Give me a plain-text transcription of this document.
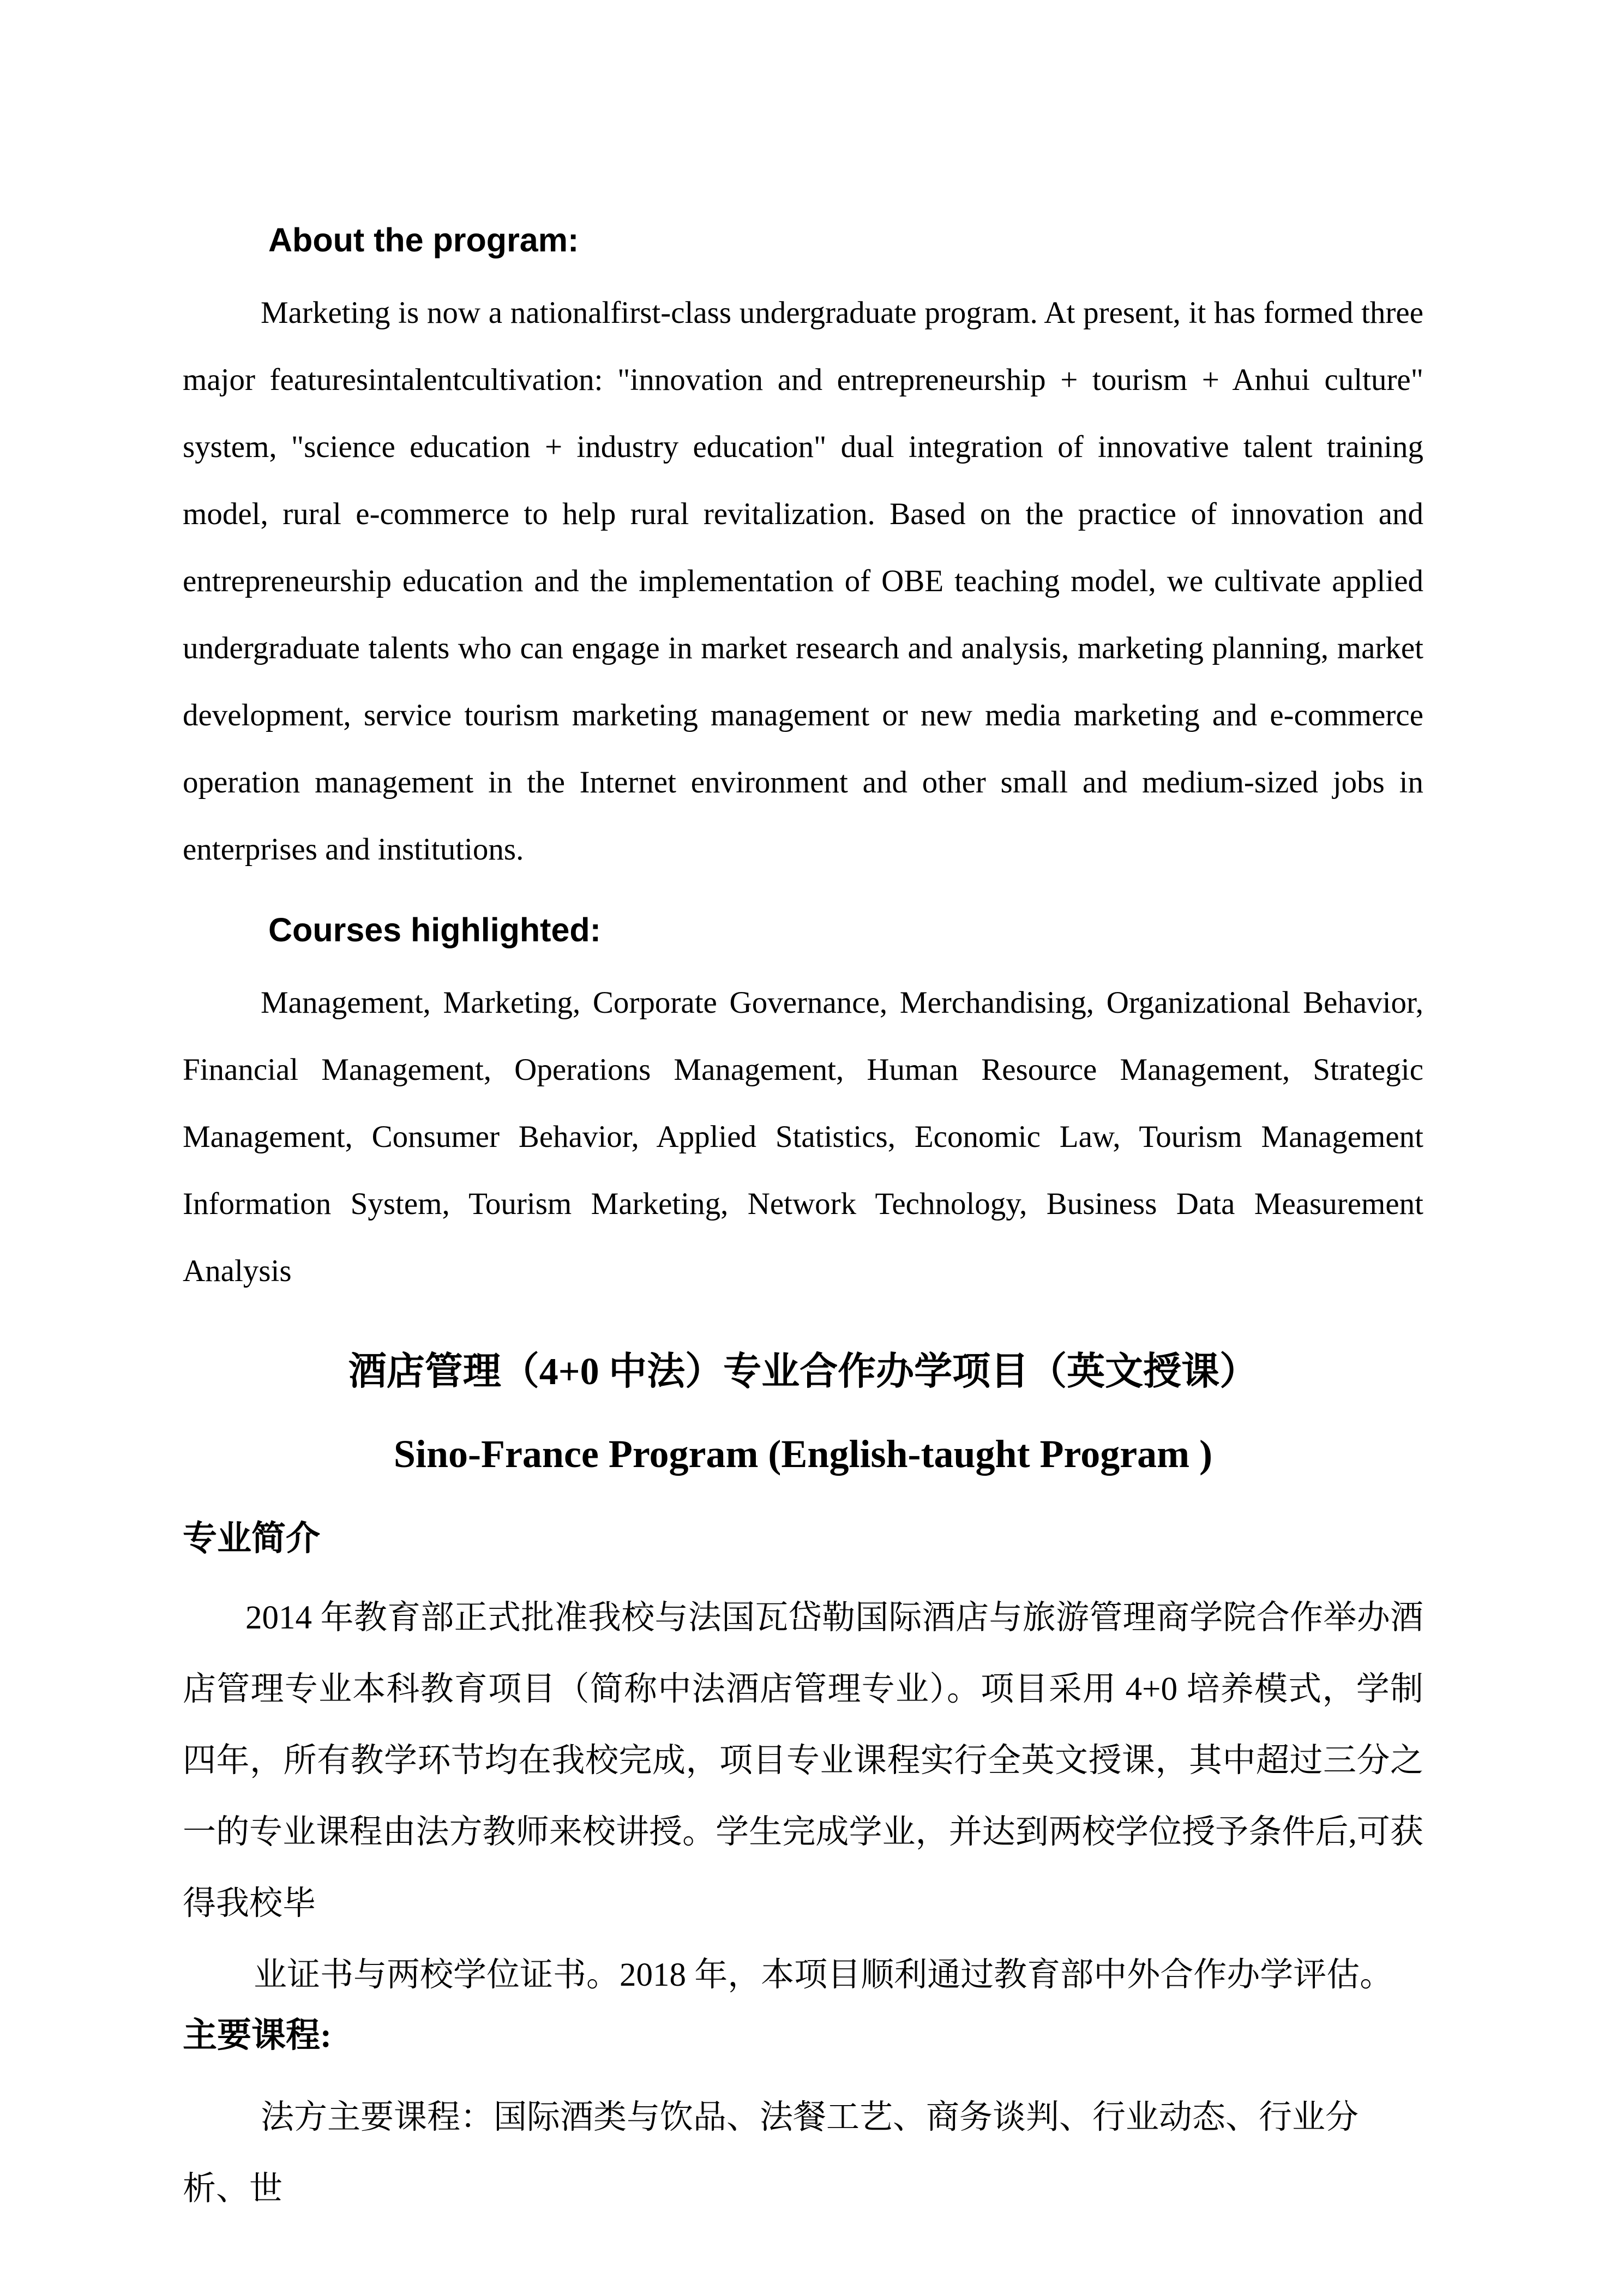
About the program:
Marketing is now a nationalfirst-class undergraduate program. At present, it has formed three major featuresintalentcultivation: "innovation and entrepreneurship + tourism + Anhui culture" system, "science education + industry education" dual integration of innovative talent training model, rural e-commerce to help rural revitalization. Based on the practice of innovation and entrepreneurship education and the implementation of OBE teaching model, we cultivate applied undergraduate talents who can engage in market research and analysis, marketing planning, market development, service tourism marketing management or new media marketing and e-commerce operation management in the Internet environment and other small and medium-sized jobs in enterprises and institutions.
Courses highlighted:
Management, Marketing, Corporate Governance, Merchandising, Organizational Behavior, Financial Management, Operations Management, Human Resource Management, Strategic Management, Consumer Behavior, Applied Statistics, Economic Law, Tourism Management Information System, Tourism Marketing, Network Technology, Business Data Measurement Analysis
酒店管理（4+0 中法）专业合作办学项目（英文授课）
Sino-France Program (English-taught Program )
专业简介
2014 年教育部正式批准我校与法国瓦岱勒国际酒店与旅游管理商学院合作举办酒店管理专业本科教育项目（简称中法酒店管理专业）。项目采用 4+0 培养模式，学制四年，所有教学环节均在我校完成，项目专业课程实行全英文授课，其中超过三分之一的专业课程由法方教师来校讲授。学生完成学业，并达到两校学位授予条件后,可获得我校毕
业证书与两校学位证书。2018 年，本项目顺利通过教育部中外合作办学评估。
主要课程:
法方主要课程：国际酒类与饮品、法餐工艺、商务谈判、行业动态、行业分析、世
